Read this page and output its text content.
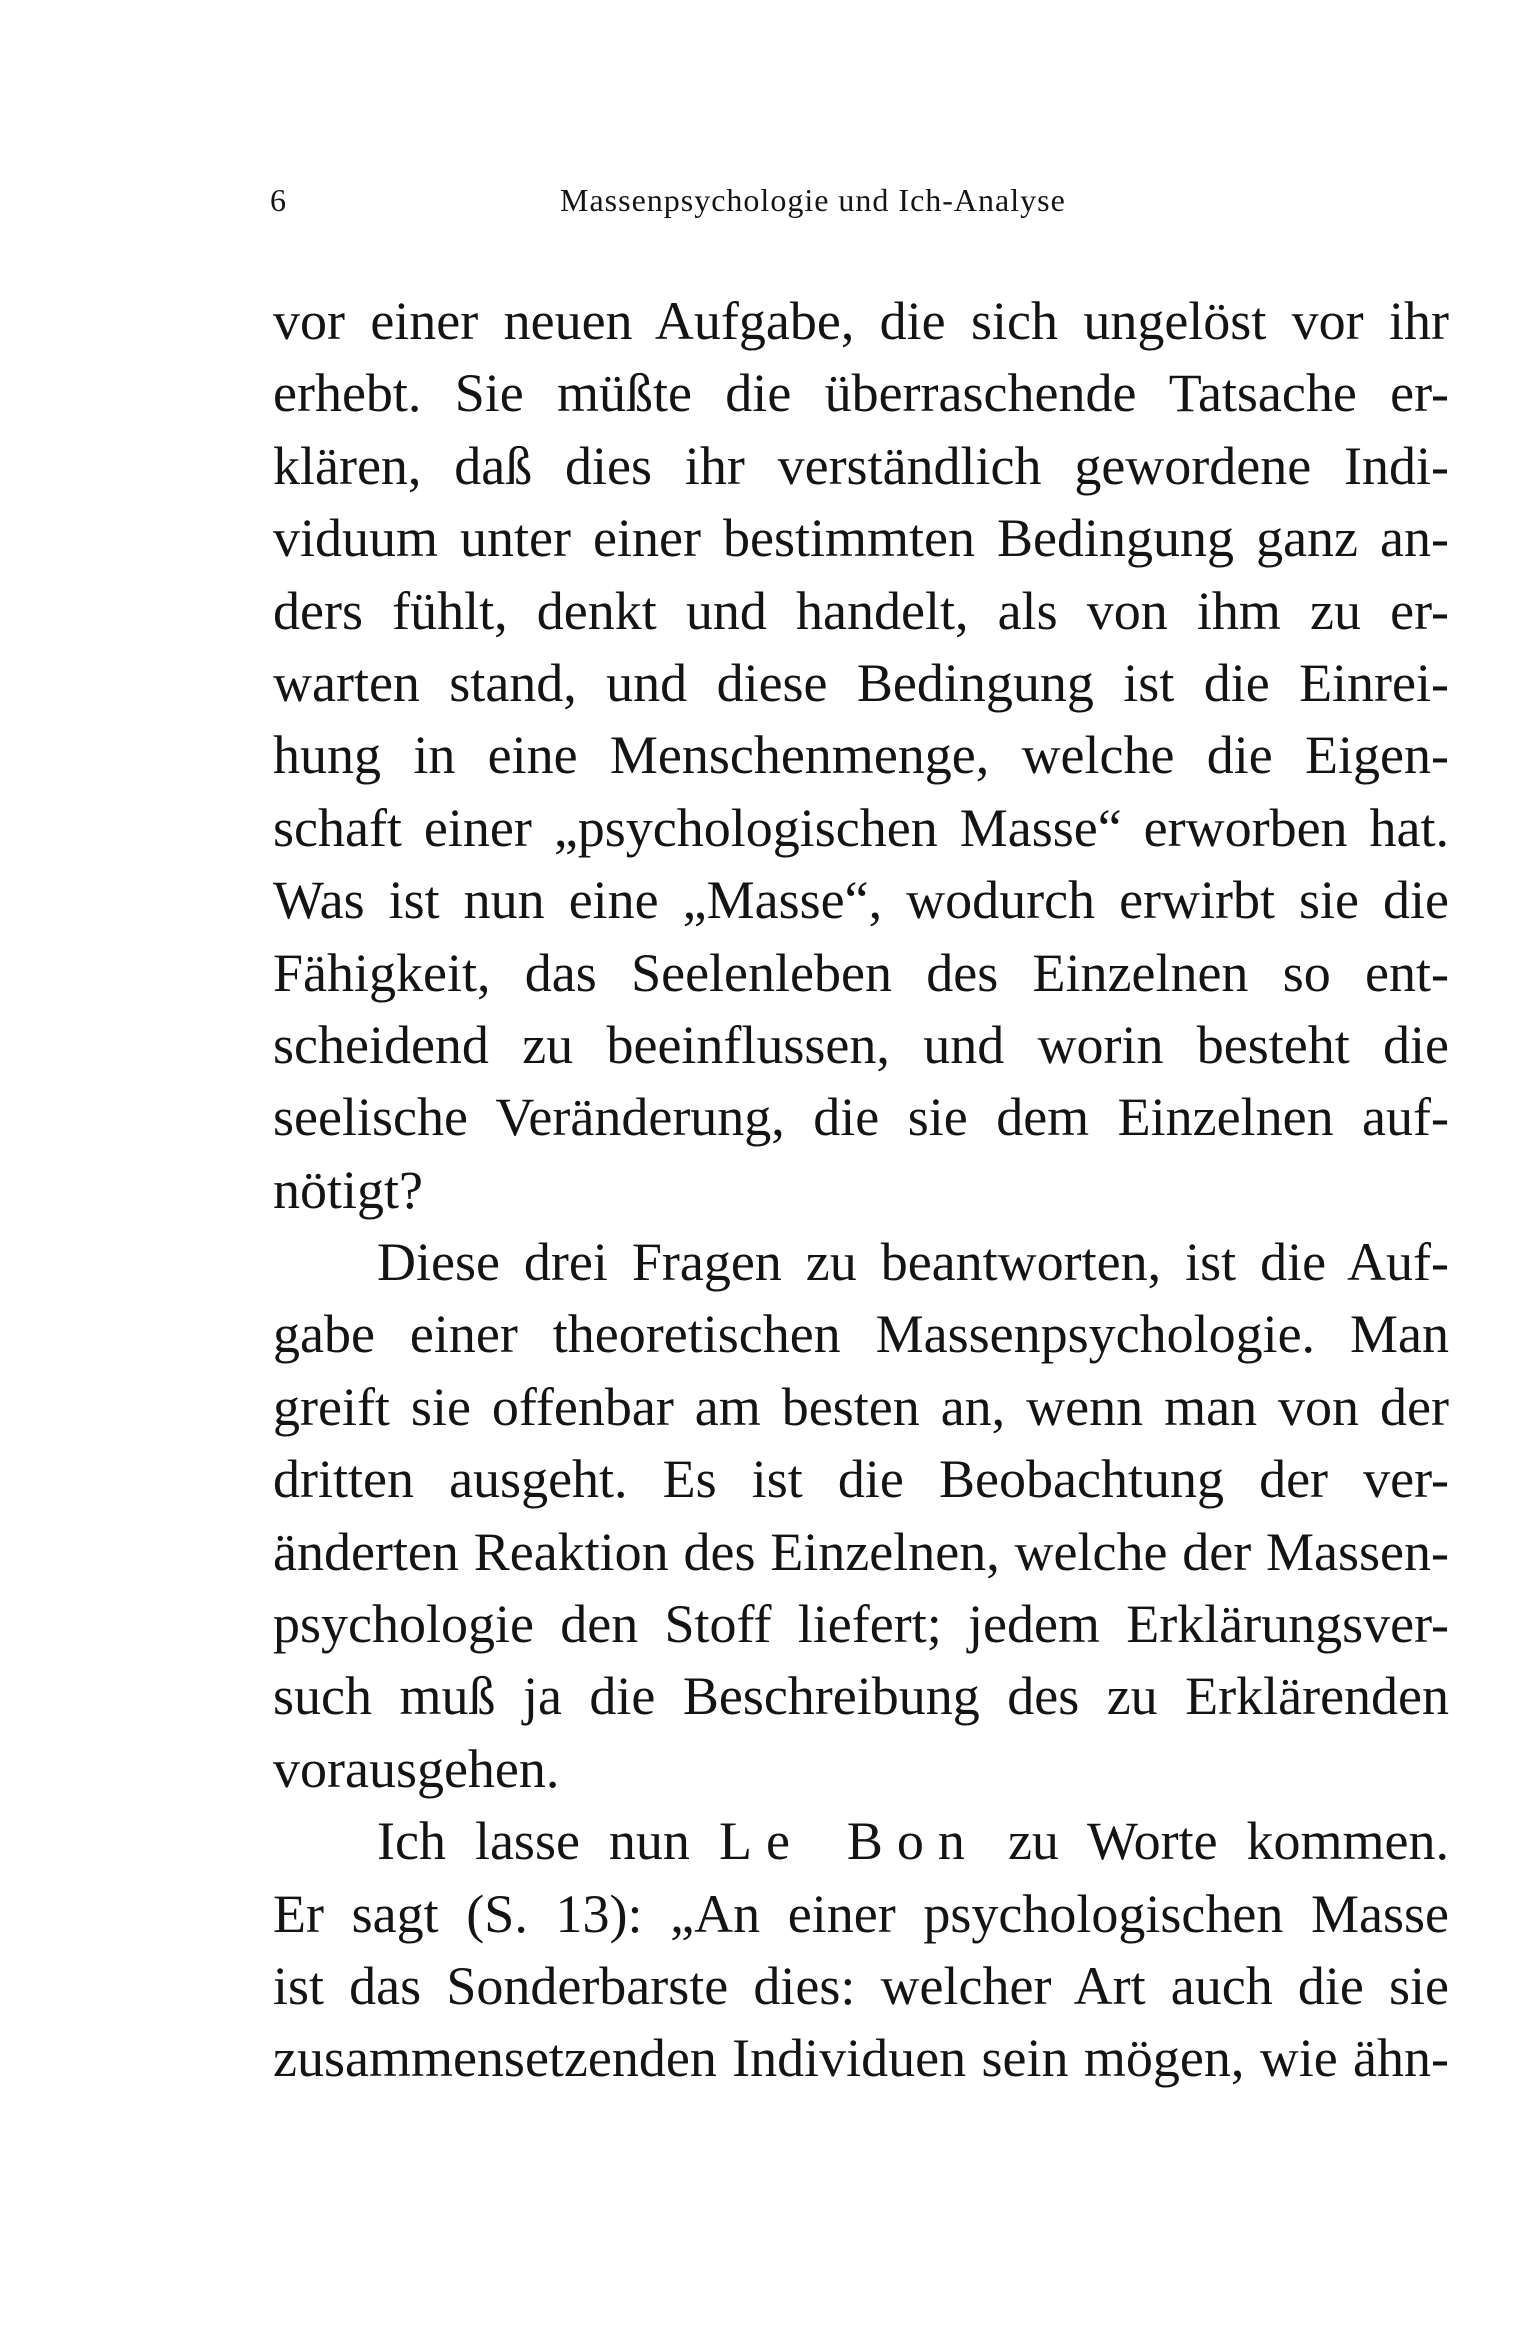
6	Massenpsychologie und Ich-Analyse
vor einer neuen Aufgabe, die sich ungelöst vor ihr
erhebt. Sie müßte die überraschende Tatsache er-
klären, daß dies ihr verständlich gewordene Indi-
viduum unter einer bestimmten Bedingung ganz an-
ders fühlt, denkt und handelt, als von ihm zu er-
warten stand, und diese Bedingung ist die Einrei-
hung in eine Menschenmenge, welche die Eigen-
schaft einer „psychologischen Masse“ erworben hat.
Was ist nun eine „Masse“, wodurch erwirbt sie die
Fähigkeit, das Seelenleben des Einzelnen so ent-
scheidend zu beeinflussen, und worin besteht die
seelische Veränderung, die sie dem Einzelnen auf-
nötigt?
Diese drei Fragen zu beantworten, ist die Auf-
gabe einer theoretischen Massenpsychologie. Man
greift sie offenbar am besten an, wenn man von der
dritten ausgeht. Es ist die Beobachtung der ver-
änderten Reaktion des Einzelnen, welche der Massen-
psychologie den Stoff liefert; jedem Erklärungsver-
such muß ja die Beschreibung des zu Erklärenden
vorausgehen.
Ich lasse nun Le Bon zu Worte kommen.
Er sagt (S. 13): „An einer psychologischen Masse
ist das Sonderbarste dies: welcher Art auch die sie
zusammensetzenden Individuen sein mögen, wie ähn-
